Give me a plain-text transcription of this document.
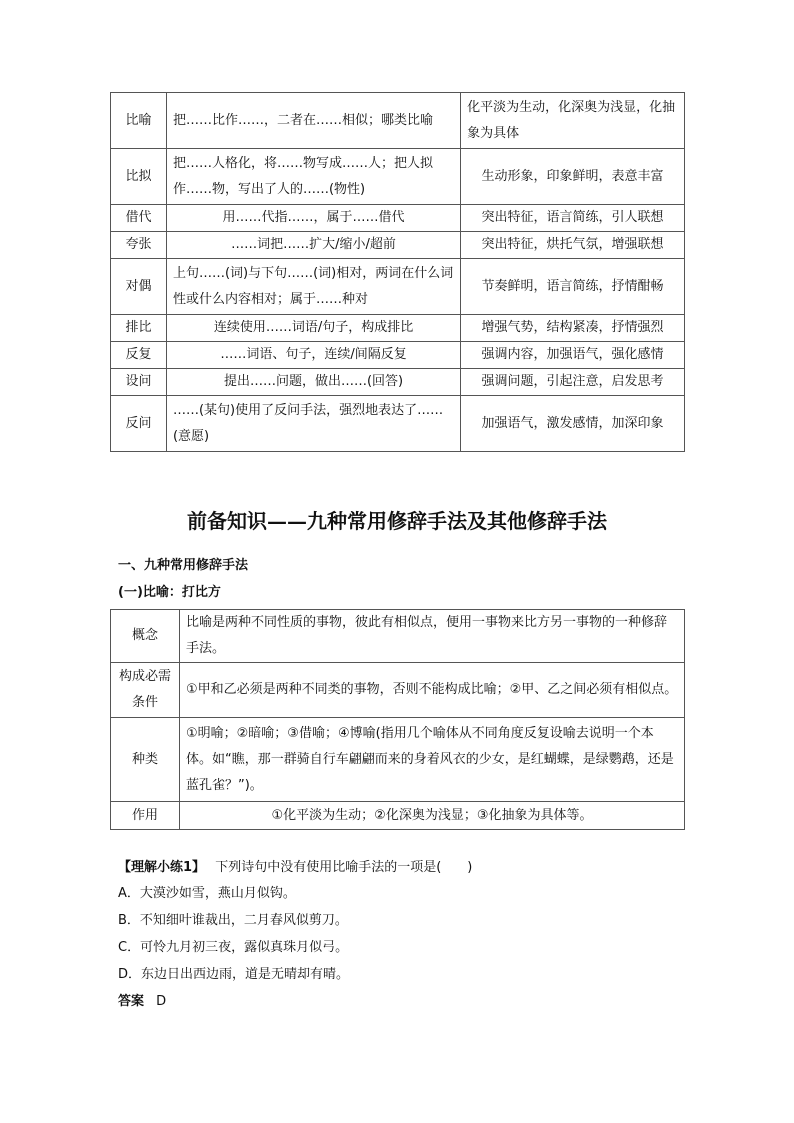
比喻	把……比作……，二者在……相似；哪类比喻	化平淡为生动，化深奥为浅显，化抽象为具体
比拟	把……人格化，将……物写成……人；把人拟作……物，写出了人的……(物性)	生动形象，印象鲜明，表意丰富
借代	用……代指……，属于……借代	突出特征，语言简练，引人联想
夸张	……词把……扩大/缩小/超前	突出特征，烘托气氛，增强联想
对偶	上句……(词)与下句……(词)相对，两词在什么词性或什么内容相对；属于……种对	节奏鲜明，语言简练，抒情酣畅
排比	连续使用……词语/句子，构成排比	增强气势，结构紧凑，抒情强烈
反复	……词语、句子，连续/间隔反复	强调内容，加强语气，强化感情
设问	提出……问题，做出……(回答)	强调问题，引起注意，启发思考
反问	……(某句)使用了反问手法，强烈地表达了……(意愿)	加强语气，激发感情，加深印象
前备知识——九种常用修辞手法及其他修辞手法
一、九种常用修辞手法
(一)比喻：打比方
概念	比喻是两种不同性质的事物，彼此有相似点，便用一事物来比方另一事物的一种修辞手法。
构成必需条件	①甲和乙必须是两种不同类的事物，否则不能构成比喻；②甲、乙之间必须有相似点。
种类	①明喻；②暗喻；③借喻；④博喻(指用几个喻体从不同角度反复设喻去说明一个本体。如“瞧，那一群骑自行车翩翩而来的身着风衣的少女，是红蝴蝶，是绿鹦鹉，还是蓝孔雀？”)。
作用	①化平淡为生动；②化深奥为浅显；③化抽象为具体等。
【理解小练1】 下列诗句中没有使用比喻手法的一项是(　　)
A．大漠沙如雪，燕山月似钩。
B．不知细叶谁裁出，二月春风似剪刀。
C．可怜九月初三夜，露似真珠月似弓。
D．东边日出西边雨，道是无晴却有晴。
答案 D
